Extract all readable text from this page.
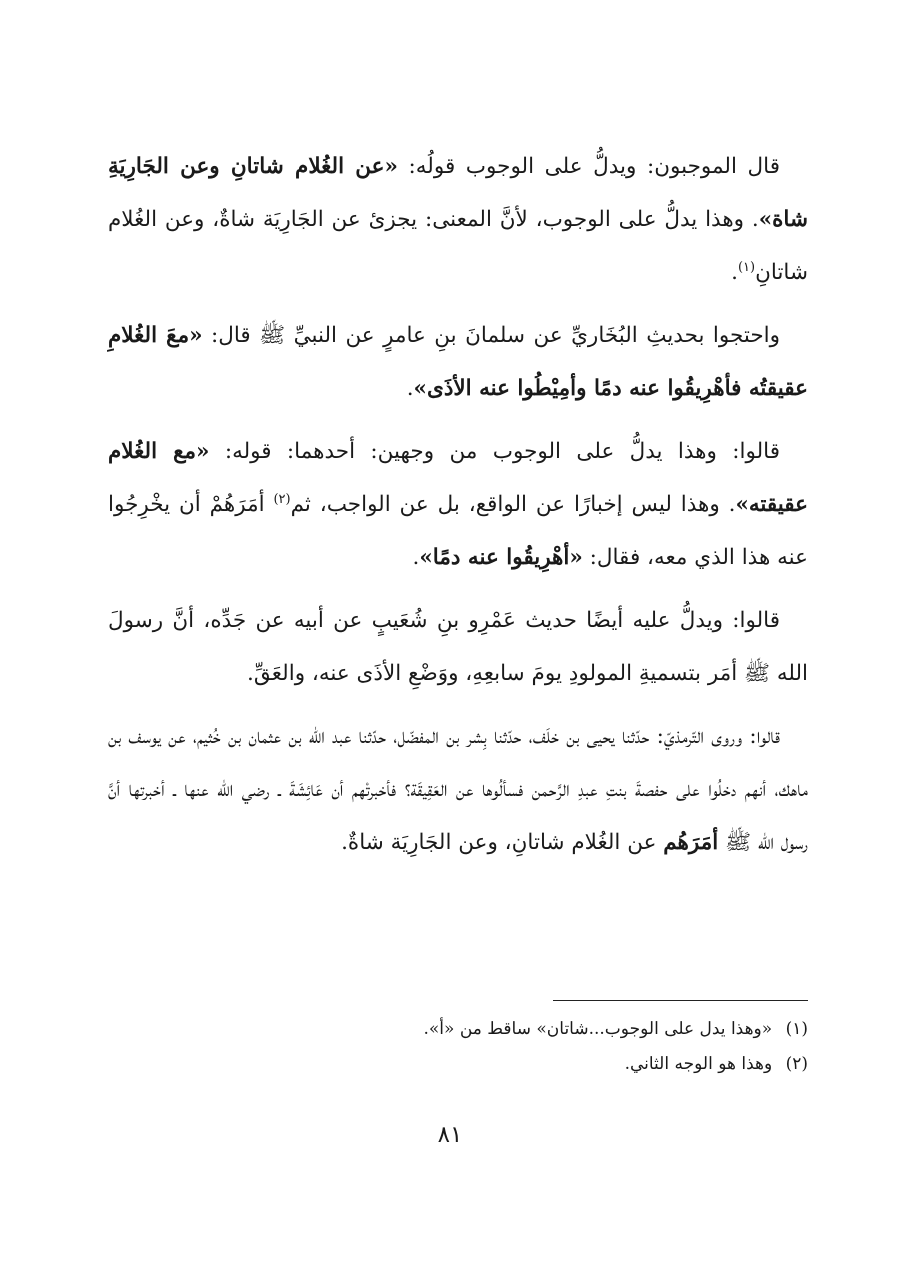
قال الموجبون: ويدلُّ على الوجوب قولُه: «عن الغُلام شاتانِ وعن الجَارِيَةِ شاة». وهذا يدلُّ على الوجوب، لأنَّ المعنى: يجزئ عن الجَارِيَة شاةٌ، وعن الغُلام شاتانِ$^{(١)}$.

واحتجوا بحديثِ البُخَاريِّ عن سلمانَ بنِ عامرٍ عن النبيِّ ﷺ قال: «معَ الغُلامِ عقيقتُه فأهْرِيقُوا عنه دمًا وأمِيْطُوا عنه الأذَى».

قالوا: وهذا يدلُّ على الوجوب من وجهين: أحدهما: قوله: «مع الغُلام عقيقته». وهذا ليس إخبارًا عن الواقع، بل عن الواجب، ثم$^{(٢)}$ أمَرَهُمْ أن يخْرِجُوا عنه هذا الذي معه، فقال: «أهْرِيقُوا عنه دمًا».

قالوا: ويدلُّ عليه أيضًا حديث عَمْرِو بنِ شُعَيبٍ عن أبيه عن جَدِّه، أنَّ رسولَ الله ﷺ أمَر بتسميةِ المولودِ يومَ سابعِهِ، ووَضْعِ الأذَى عنه، والعَقِّ.

قالوا: وروى التّرمذيّ: حدّثنا يحيى بن خلَف، حدّثنا بِشر بن المفضّل، حدّثنا عبد الله بن عثمان بن خُثيم، عن يوسف بن ماهك، أنهم دخلُوا على حفصةَ بنتِ عبدِ الرَّحمن فسألُوها عن العَقِيقَة؟ فأخبرتْهم أن عَائِشَةَ ـ رضي الله عنها ـ أخبرتها أنَّ رسول الله ﷺ أمَرَهُم عن الغُلام شاتانِ، وعن الجَارِيَة شاةٌ.

(١) «وهذا يدل على الوجوب...شاتان» ساقط من «أ».
(٢) وهذا هو الوجه الثاني.
٨١
